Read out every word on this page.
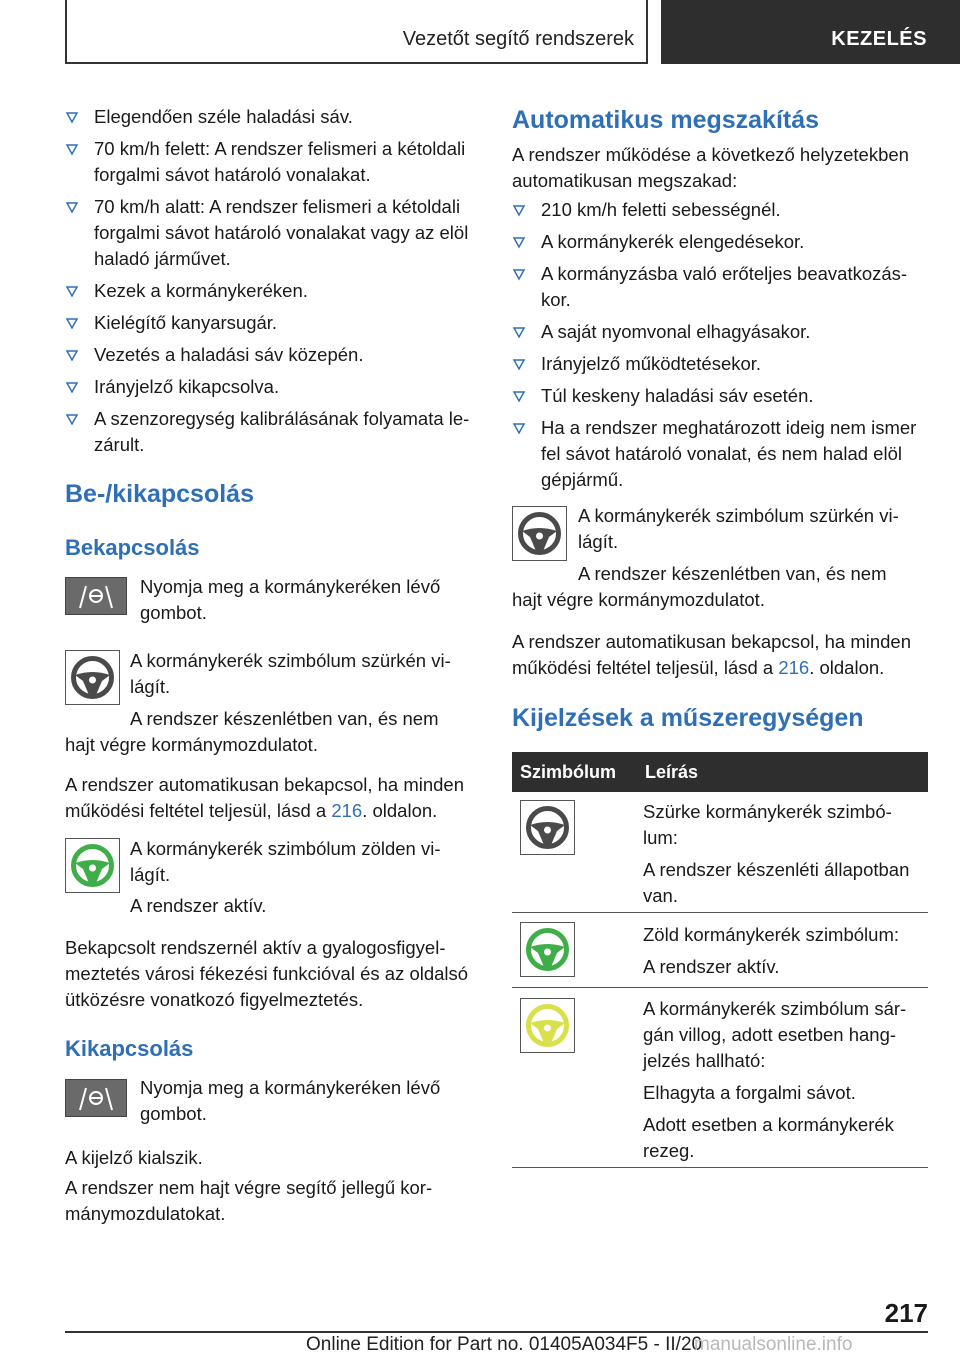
Vezetőt segítő rendszerek	KEZELÉS
Elegendően széle haladási sáv.
70 km/h felett: A rendszer felismeri a kétoldali
forgalmi sávot határoló vonalakat.
70 km/h alatt: A rendszer felismeri a kétoldali
forgalmi sávot határoló vonalakat vagy az elöl
haladó járművet.
Kezek a kormánykeréken.
Kielégítő kanyarsugár.
Vezetés a haladási sáv közepén.
Irányjelző kikapcsolva.
A szenzoregység kalibrálásának folyamata le-
zárult.
Be-/kikapcsolás
Bekapcsolás
Nyomja meg a kormánykeréken lévő
gombot.
A kormánykerék szimbólum szürkén vi-
lágít.
A rendszer készenlétben van, és nem
hajt végre kormánymozdulatot.
A rendszer automatikusan bekapcsol, ha minden
működési feltétel teljesül, lásd a 216. oldalon.
A kormánykerék szimbólum zölden vi-
lágít.
A rendszer aktív.
Bekapcsolt rendszernél aktív a gyalogosfigyel-
meztetés városi fékezési funkcióval és az oldalsó
ütközésre vonatkozó figyelmeztetés.
Kikapcsolás
Nyomja meg a kormánykeréken lévő
gombot.
A kijelző kialszik.
A rendszer nem hajt végre segítő jellegű kor-
mánymozdulatokat.
Automatikus megszakítás
A rendszer működése a következő helyzetekben
automatikusan megszakad:
210 km/h feletti sebességnél.
A kormánykerék elengedésekor.
A kormányzásba való erőteljes beavatkozás-
kor.
A saját nyomvonal elhagyásakor.
Irányjelző működtetésekor.
Túl keskeny haladási sáv esetén.
Ha a rendszer meghatározott ideig nem ismer
fel sávot határoló vonalat, és nem halad elöl
gépjármű.
A kormánykerék szimbólum szürkén vi-
lágít.
A rendszer készenlétben van, és nem
hajt végre kormánymozdulatot.
A rendszer automatikusan bekapcsol, ha minden
működési feltétel teljesül, lásd a 216. oldalon.
Kijelzések a műszeregységen
Szimbólum Leírás
Szürke kormánykerék szimbó-
lum:
A rendszer készenléti állapotban
van.
Zöld kormánykerék szimbólum:
A rendszer aktív.
A kormánykerék szimbólum sár-
gán villog, adott esetben hang-
jelzés hallható:
Elhagyta a forgalmi sávot.
Adott esetben a kormánykerék
rezeg.
217
Online Edition for Part no. 01405A034F5 - II/20
manualsonline.info
